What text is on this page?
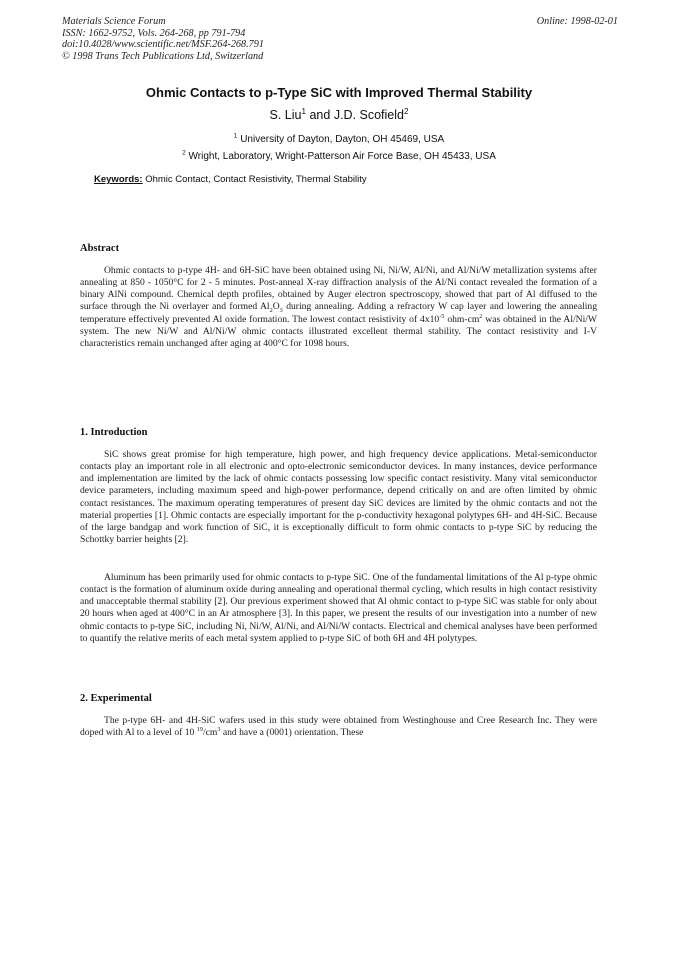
Materials Science Forum
ISSN: 1662-9752, Vols. 264-268, pp 791-794
doi:10.4028/www.scientific.net/MSF.264-268.791
© 1998 Trans Tech Publications Ltd, Switzerland
Online: 1998-02-01
Ohmic Contacts to p-Type SiC with Improved Thermal Stability
S. Liu$^1$ and J.D. Scofield$^2$
$^1$ University of Dayton, Dayton, OH 45469, USA
$^2$ Wright, Laboratory, Wright-Patterson Air Force Base, OH 45433, USA
Keywords: Ohmic Contact, Contact Resistivity, Thermal Stability
Abstract

Ohmic contacts to p-type 4H- and 6H-SiC have been obtained using Ni, Ni/W, Al/Ni, and Al/Ni/W metallization systems after annealing at 850 - 1050°C for 2 - 5 minutes. Post-anneal X-ray diffraction analysis of the Al/Ni contact revealed the formation of a binary AlNi compound. Chemical depth profiles, obtained by Auger electron spectroscopy, showed that part of Al diffused to the surface through the Ni overlayer and formed $Al_2O_3$ during annealing. Adding a refractory W cap layer and lowering the annealing temperature effectively prevented Al oxide formation. The lowest contact resistivity of $4x10^{-5}$ ohm-$cm^2$ was obtained in the Al/Ni/W system. The new Ni/W and Al/Ni/W ohmic contacts illustrated excellent thermal stability. The contact resistivity and I-V characteristics remain unchanged after aging at 400°C for 1098 hours.

1. Introduction

SiC shows great promise for high temperature, high power, and high frequency device applications. Metal-semiconductor contacts play an important role in all electronic and opto-electronic semiconductor devices. In many instances, device performance and implementation are limited by the lack of ohmic contacts possessing low specific contact resistivity. Many vital semiconductor device parameters, including maximum speed and high-power performance, depend critically on and are often limited by ohmic contact resistances. The maximum operating temperatures of present day SiC devices are limited by the ohmic contacts and not the material properties [1]. Ohmic contacts are especially important for the p-conductivity hexagonal polytypes 6H- and 4H-SiC. Because of the large bandgap and work function of SiC, it is exceptionally difficult to form ohmic contacts to p-type SiC by reducing the Schottky barrier heights [2].

Aluminum has been primarily used for ohmic contacts to p-type SiC. One of the fundamental limitations of the Al p-type ohmic contact is the formation of aluminum oxide during annealing and operational thermal cycling, which results in high contact resistivity and unacceptable thermal stability [2]. Our previous experiment showed that Al ohmic contact to p-type SiC was stable for only about 20 hours when aged at 400°C in an Ar atmosphere [3]. In this paper, we present the results of our investigation into a number of new ohmic contacts to p-type SiC, including Ni, Ni/W, Al/Ni, and Al/Ni/W contacts. Electrical and chemical analyses have been performed to quantify the relative merits of each metal system applied to p-type SiC of both 6H and 4H polytypes.

2. Experimental

The p-type 6H- and 4H-SiC wafers used in this study were obtained from Westinghouse and Cree Research Inc. They were doped with Al to a level of 10 $^{19}/cm^3$ and have a (0001) orientation. These
